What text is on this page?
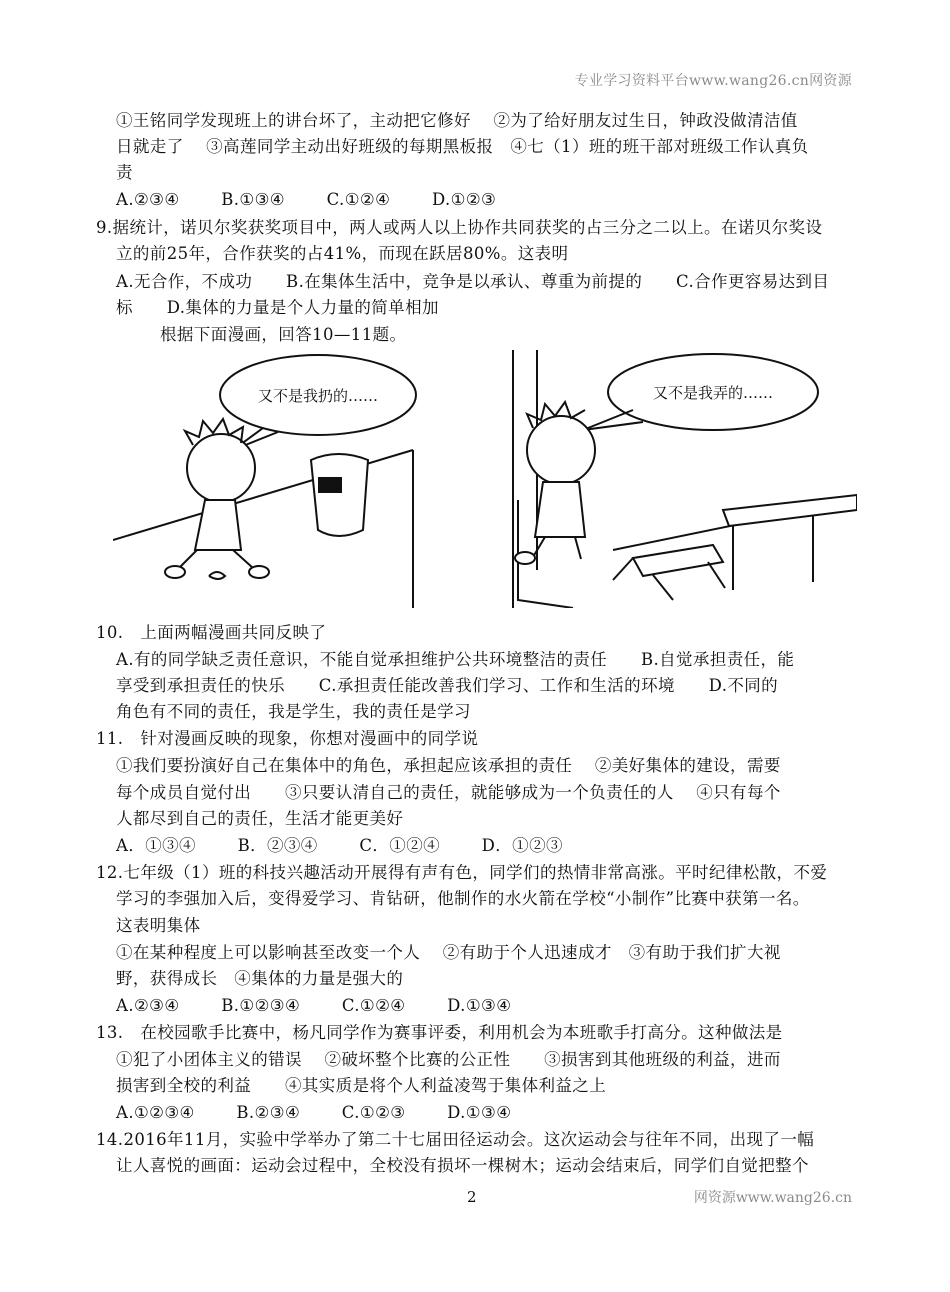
专业学习资料平台www.wang26.cn网资源
①王铭同学发现班上的讲台坏了，主动把它修好　 ②为了给好朋友过生日，钟政没做清洁值
日就走了　 ③高莲同学主动出好班级的每期黑板报　④七（1）班的班干部对班级工作认真负
责
A.②③④	B.①③④	C.①②④	D.①②③
9.据统计，诺贝尔奖获奖项目中，两人或两人以上协作共同获奖的占三分之二以上。在诺贝尔奖设
立的前25年，合作获奖的占41%，而现在跃居80%。这表明
A.无合作，不成功　　B.在集体生活中，竞争是以承认、尊重为前提的　　C.合作更容易达到目
标　　D.集体的力量是个人力量的简单相加
根据下面漫画，回答10—11题。
又不是我扔的……	又不是我弄的……
10.　上面两幅漫画共同反映了
A.有的同学缺乏责任意识，不能自觉承担维护公共环境整洁的责任　　B.自觉承担责任，能
享受到承担责任的快乐　　C.承担责任能改善我们学习、工作和生活的环境　　D.不同的
角色有不同的责任，我是学生，我的责任是学习
11.　针对漫画反映的现象，你想对漫画中的同学说
①我们要扮演好自己在集体中的角色，承担起应该承担的责任　 ②美好集体的建设，需要
每个成员自觉付出　　③只要认清自己的责任，就能够成为一个负责任的人　 ④只有每个
人都尽到自己的责任，生活才能更美好
A．①③④	B．②③④	C．①②④	D．①②③
12.七年级（1）班的科技兴趣活动开展得有声有色，同学们的热情非常高涨。平时纪律松散，不爱
学习的李强加入后，变得爱学习、肯钻研，他制作的水火箭在学校“小制作”比赛中获第一名。
这表明集体
①在某种程度上可以影响甚至改变一个人　 ②有助于个人迅速成才　③有助于我们扩大视
野，获得成长　④集体的力量是强大的
A.②③④	B.①②③④	C.①②④	D.①③④
13.　在校园歌手比赛中，杨凡同学作为赛事评委，利用机会为本班歌手打高分。这种做法是
①犯了小团体主义的错误　 ②破坏整个比赛的公正性　　③损害到其他班级的利益，进而
损害到全校的利益　　④其实质是将个人利益凌驾于集体利益之上
A.①②③④	B.②③④	C.①②③	D.①③④
14.2016年11月，实验中学举办了第二十七届田径运动会。这次运动会与往年不同，出现了一幅
让人喜悦的画面：运动会过程中，全校没有损坏一棵树木；运动会结束后，同学们自觉把整个
2	网资源www.wang26.cn
